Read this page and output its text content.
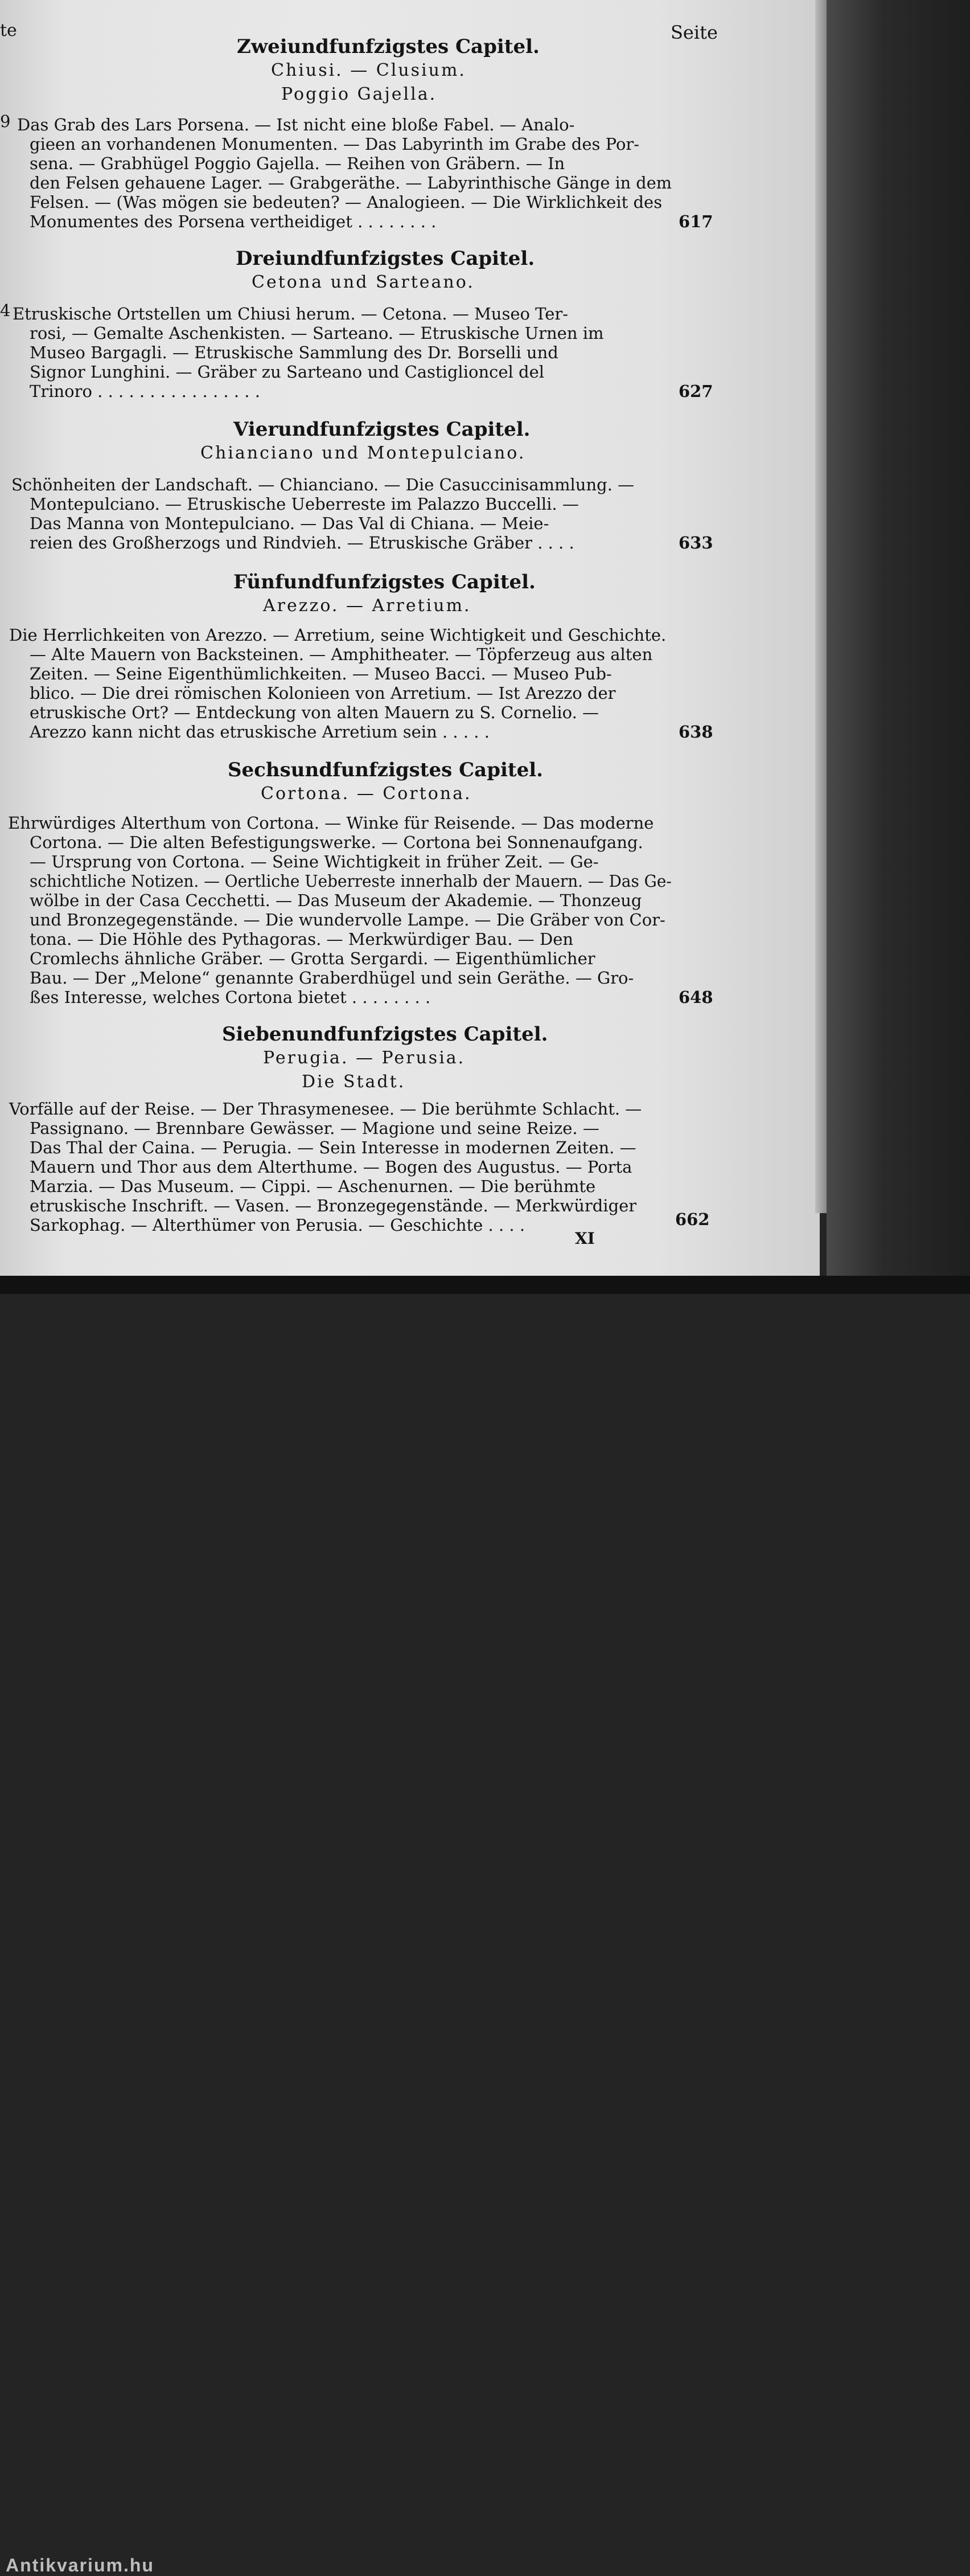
te	Seite
Zweiundfunfzigstes Capitel.
Chiusi. — Clusium.
Poggio Gajella.
9 Das Grab des Lars Porsena. — Ist nicht eine bloße Fabel. — Analo-
gieen an vorhandenen Monumenten. — Das Labyrinth im Grabe des Por-
sena. — Grabhügel Poggio Gajella. — Reihen von Gräbern. — In
den Felsen gehauene Lager. — Grabgeräthe. — Labyrinthische Gänge in dem
Felsen. — (Was mögen sie bedeuten? — Analogieen. — Die Wirklichkeit des
Monumentes des Porsena vertheidiget . . . . . . . .	617
Dreiundfunfzigstes Capitel.
Cetona und Sarteano.
4 Etruskische Ortstellen um Chiusi herum. — Cetona. — Museo Ter-
rosi, — Gemalte Aschenkisten. — Sarteano. — Etruskische Urnen im
Museo Bargagli. — Etruskische Sammlung des Dr. Borselli und
Signor Lunghini. — Gräber zu Sarteano und Castiglioncel del
Trinoro . . . . . . . . . . . . . . . .	627
Vierundfunfzigstes Capitel.
Chianciano und Montepulciano.
Schönheiten der Landschaft. — Chianciano. — Die Casuccinisammlung. —
Montepulciano. — Etruskische Ueberreste im Palazzo Buccelli. —
Das Manna von Montepulciano. — Das Val di Chiana. — Meie-
reien des Großherzogs und Rindvieh. — Etruskische Gräber . . . .	633
Fünfundfunfzigstes Capitel.
Arezzo. — Arretium.
Die Herrlichkeiten von Arezzo. — Arretium, seine Wichtigkeit und Geschichte.
— Alte Mauern von Backsteinen. — Amphitheater. — Töpferzeug aus alten
Zeiten. — Seine Eigenthümlichkeiten. — Museo Bacci. — Museo Pub-
blico. — Die drei römischen Kolonieen von Arretium. — Ist Arezzo der
etruskische Ort? — Entdeckung von alten Mauern zu S. Cornelio. —
Arezzo kann nicht das etruskische Arretium sein . . . . .	638
Sechsundfunfzigstes Capitel.
Cortona. — Cortona.
Ehrwürdiges Alterthum von Cortona. — Winke für Reisende. — Das moderne
Cortona. — Die alten Befestigungswerke. — Cortona bei Sonnenaufgang.
— Ursprung von Cortona. — Seine Wichtigkeit in früher Zeit. — Ge-
schichtliche Notizen. — Oertliche Ueberreste innerhalb der Mauern. — Das Ge-
wölbe in der Casa Cecchetti. — Das Museum der Akademie. — Thonzeug
und Bronzegegenstände. — Die wundervolle Lampe. — Die Gräber von Cor-
tona. — Die Höhle des Pythagoras. — Merkwürdiger Bau. — Den
Cromlechs ähnliche Gräber. — Grotta Sergardi. — Eigenthümlicher
Bau. — Der „Melone“ genannte Graberdhügel und sein Geräthe. — Gro-
ßes Interesse, welches Cortona bietet . . . . . . . .	648
Siebenundfunfzigstes Capitel.
Perugia. — Perusia.
Die Stadt.
Vorfälle auf der Reise. — Der Thrasymenesee. — Die berühmte Schlacht. —
Passignano. — Brennbare Gewässer. — Magione und seine Reize. —
Das Thal der Caina. — Perugia. — Sein Interesse in modernen Zeiten. —
Mauern und Thor aus dem Alterthume. — Bogen des Augustus. — Porta
Marzia. — Das Museum. — Cippi. — Aschenurnen. — Die berühmte
etruskische Inschrift. — Vasen. — Bronzegegenstände. — Merkwürdiger
Sarkophag. — Alterthümer von Perusia. — Geschichte . . . .	662
XI
Antikvarium.hu
